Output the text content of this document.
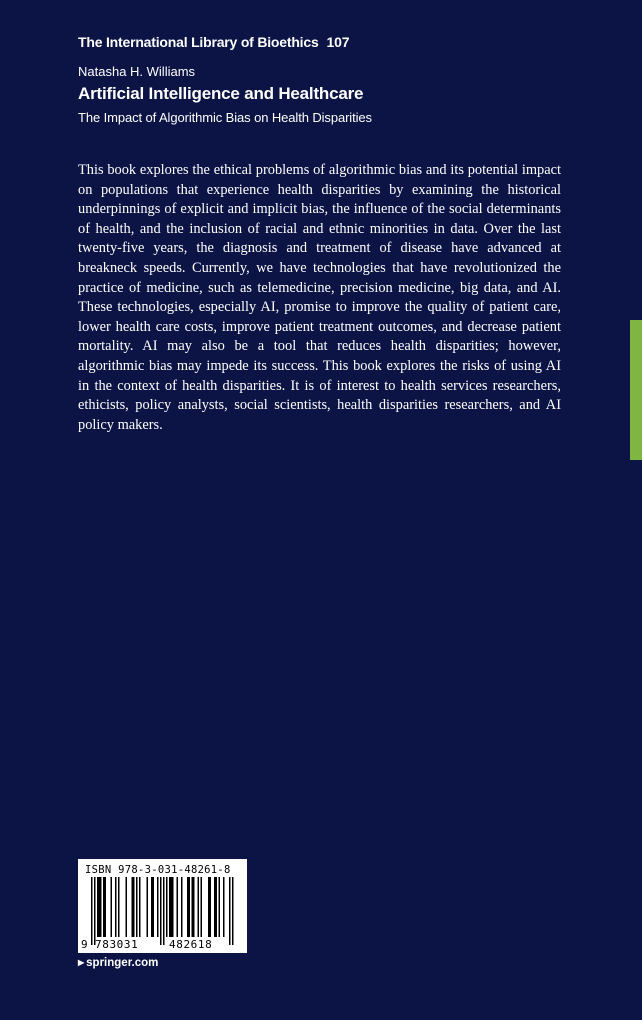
The International Library of Bioethics 107
Natasha H. Williams
Artificial Intelligence and Healthcare
The Impact of Algorithmic Bias on Health Disparities

This book explores the ethical problems of algorithmic bias and its potential impact on populations that experience health disparities by examining the historical underpinnings of explicit and implicit bias, the influence of the social determinants of health, and the inclusion of racial and ethnic minorities in data. Over the last twenty-five years, the diagnosis and treatment of disease have advanced at breakneck speeds. Currently, we have technologies that have revolutionized the practice of medicine, such as telemedicine, precision medicine, big data, and AI. These technologies, especially AI, promise to improve the quality of patient care, lower health care costs, improve patient treatment outcomes, and decrease patient mortality. AI may also be a tool that reduces health disparities; however, algorithmic bias may impede its success. This book explores the risks of using AI in the context of health disparities. It is of interest to health services researchers, ethicists, policy analysts, social scientists, health disparities researchers, and AI policy makers.

ISBN 978-3-031-48261-8
9 783031	482618
▶ springer.com
